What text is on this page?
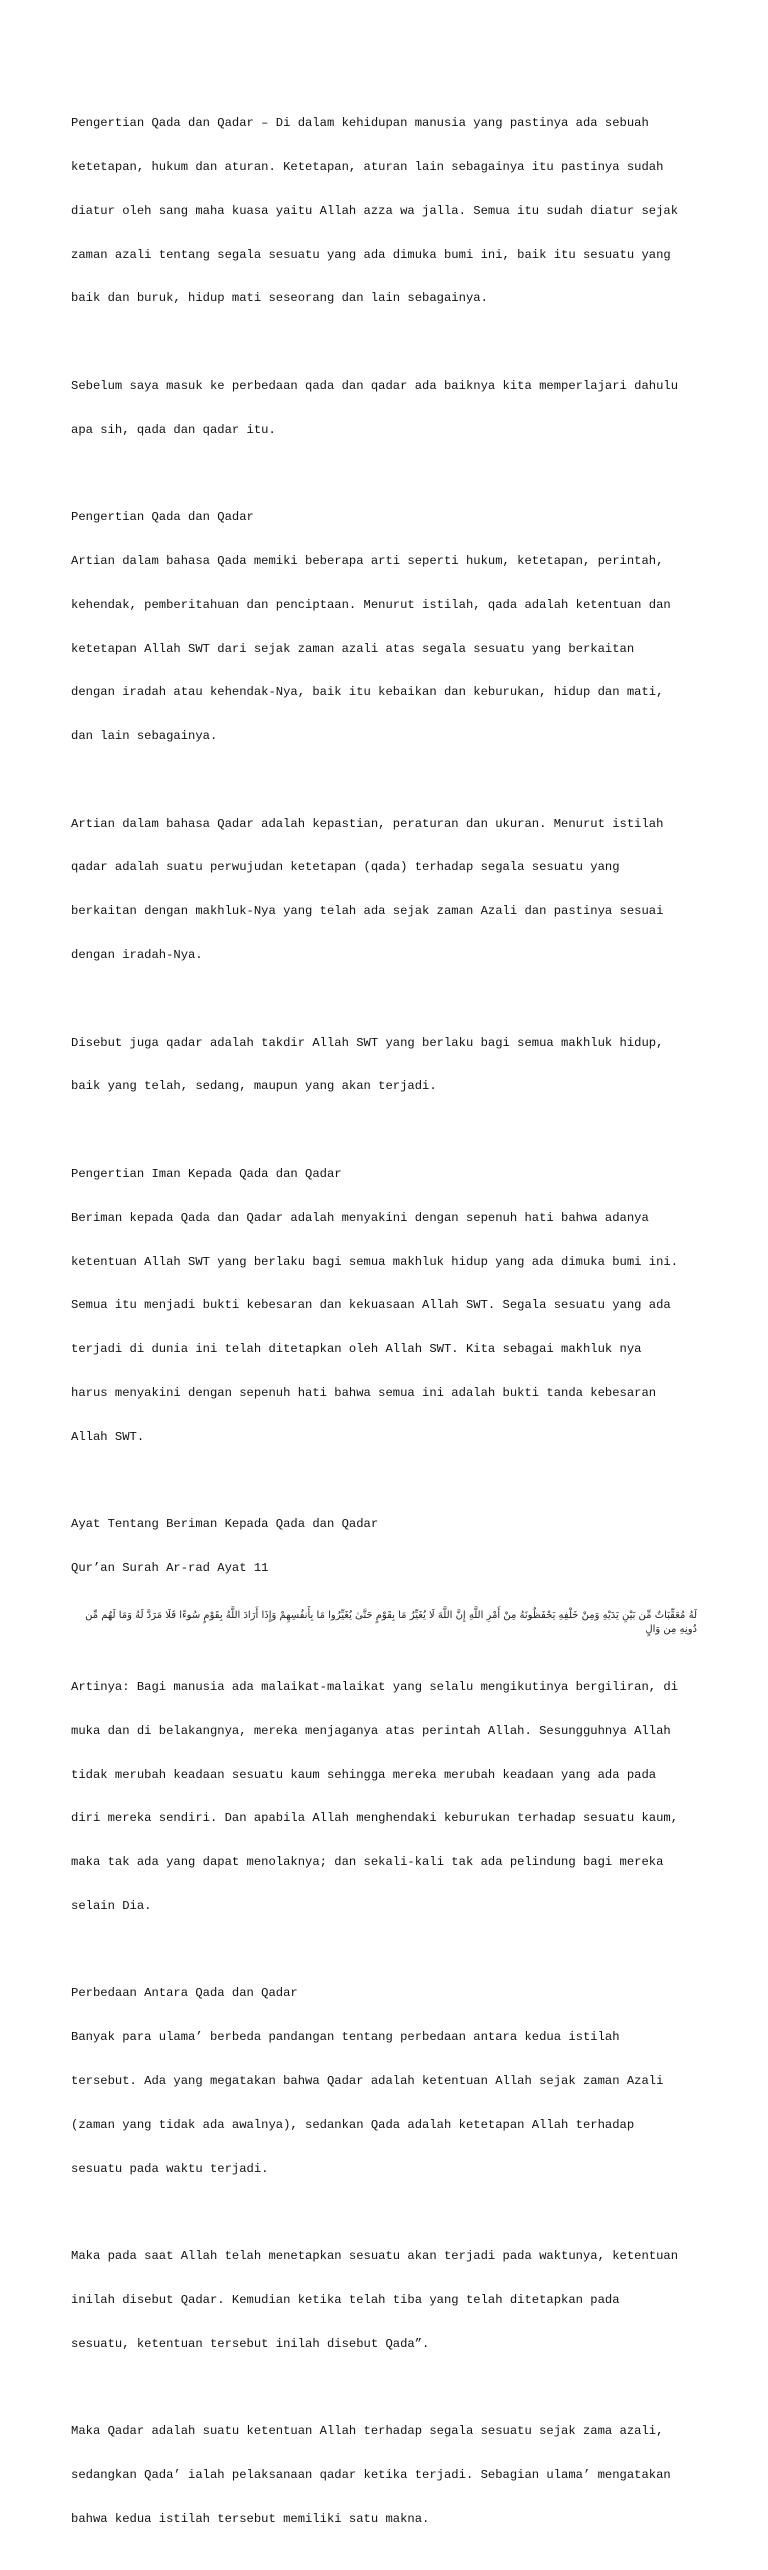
Pengertian Qada dan Qadar – Di dalam kehidupan manusia yang pastinya ada sebuah

ketetapan, hukum dan aturan. Ketetapan, aturan lain sebagainya itu pastinya sudah

diatur oleh sang maha kuasa yaitu Allah azza wa jalla. Semua itu sudah diatur sejak

zaman azali tentang segala sesuatu yang ada dimuka bumi ini, baik itu sesuatu yang

baik dan buruk, hidup mati seseorang dan lain sebagainya.

Sebelum saya masuk ke perbedaan qada dan qadar ada baiknya kita memperlajari dahulu

apa sih, qada dan qadar itu.

Pengertian Qada dan Qadar

Artian dalam bahasa Qada memiki beberapa arti seperti hukum, ketetapan, perintah,

kehendak, pemberitahuan dan penciptaan. Menurut istilah, qada adalah ketentuan dan

ketetapan Allah SWT dari sejak zaman azali atas segala sesuatu yang berkaitan

dengan iradah atau kehendak-Nya, baik itu kebaikan dan keburukan, hidup dan mati,

dan lain sebagainya.

Artian dalam bahasa Qadar adalah kepastian, peraturan dan ukuran. Menurut istilah

qadar adalah suatu perwujudan ketetapan (qada) terhadap segala sesuatu yang

berkaitan dengan makhluk-Nya yang telah ada sejak zaman Azali dan pastinya sesuai

dengan iradah-Nya.

Disebut juga qadar adalah takdir Allah SWT yang berlaku bagi semua makhluk hidup,

baik yang telah, sedang, maupun yang akan terjadi.

Pengertian Iman Kepada Qada dan Qadar

Beriman kepada Qada dan Qadar adalah menyakini dengan sepenuh hati bahwa adanya

ketentuan Allah SWT yang berlaku bagi semua makhluk hidup yang ada dimuka bumi ini.

Semua itu menjadi bukti kebesaran dan kekuasaan Allah SWT. Segala sesuatu yang ada

terjadi di dunia ini telah ditetapkan oleh Allah SWT. Kita sebagai makhluk nya

harus menyakini dengan sepenuh hati bahwa semua ini adalah bukti tanda kebesaran

Allah SWT.

Ayat Tentang Beriman Kepada Qada dan Qadar

Qur’an Surah Ar-rad Ayat 11

لَهُ مُعَقِّبَاتٌ مِّن بَيْنِ يَدَيْهِ وَمِنْ خَلْفِهِ يَحْفَظُونَهُ مِنْ أَمْرِ اللَّهِ إِنَّ اللَّهَ لَا يُغَيِّرُ مَا بِقَوْمٍ حَتَّىٰ يُغَيِّرُوا مَا بِأَنفُسِهِمْ وَإِذَا أَرَادَ اللَّهُ بِقَوْمٍ سُوءًا فَلَا مَرَدَّ لَهُ وَمَا لَهُم مِّن دُونِهِ مِن وَالٍ

Artinya: Bagi manusia ada malaikat-malaikat yang selalu mengikutinya bergiliran, di

muka dan di belakangnya, mereka menjaganya atas perintah Allah. Sesungguhnya Allah

tidak merubah keadaan sesuatu kaum sehingga mereka merubah keadaan yang ada pada

diri mereka sendiri. Dan apabila Allah menghendaki keburukan terhadap sesuatu kaum,

maka tak ada yang dapat menolaknya; dan sekali-kali tak ada pelindung bagi mereka

selain Dia.

Perbedaan Antara Qada dan Qadar

Banyak para ulama’ berbeda pandangan tentang perbedaan antara kedua istilah

tersebut. Ada yang megatakan bahwa Qadar adalah ketentuan Allah sejak zaman Azali

(zaman yang tidak ada awalnya), sedankan Qada adalah ketetapan Allah terhadap

sesuatu pada waktu terjadi.

Maka pada saat Allah telah menetapkan sesuatu akan terjadi pada waktunya, ketentuan

inilah disebut Qadar. Kemudian ketika telah tiba yang telah ditetapkan pada

sesuatu, ketentuan tersebut inilah disebut Qada”.

Maka Qadar adalah suatu ketentuan Allah terhadap segala sesuatu sejak zama azali,

sedangkan Qada’ ialah pelaksanaan qadar ketika terjadi. Sebagian ulama’ mengatakan

bahwa kedua istilah tersebut memiliki satu makna.
